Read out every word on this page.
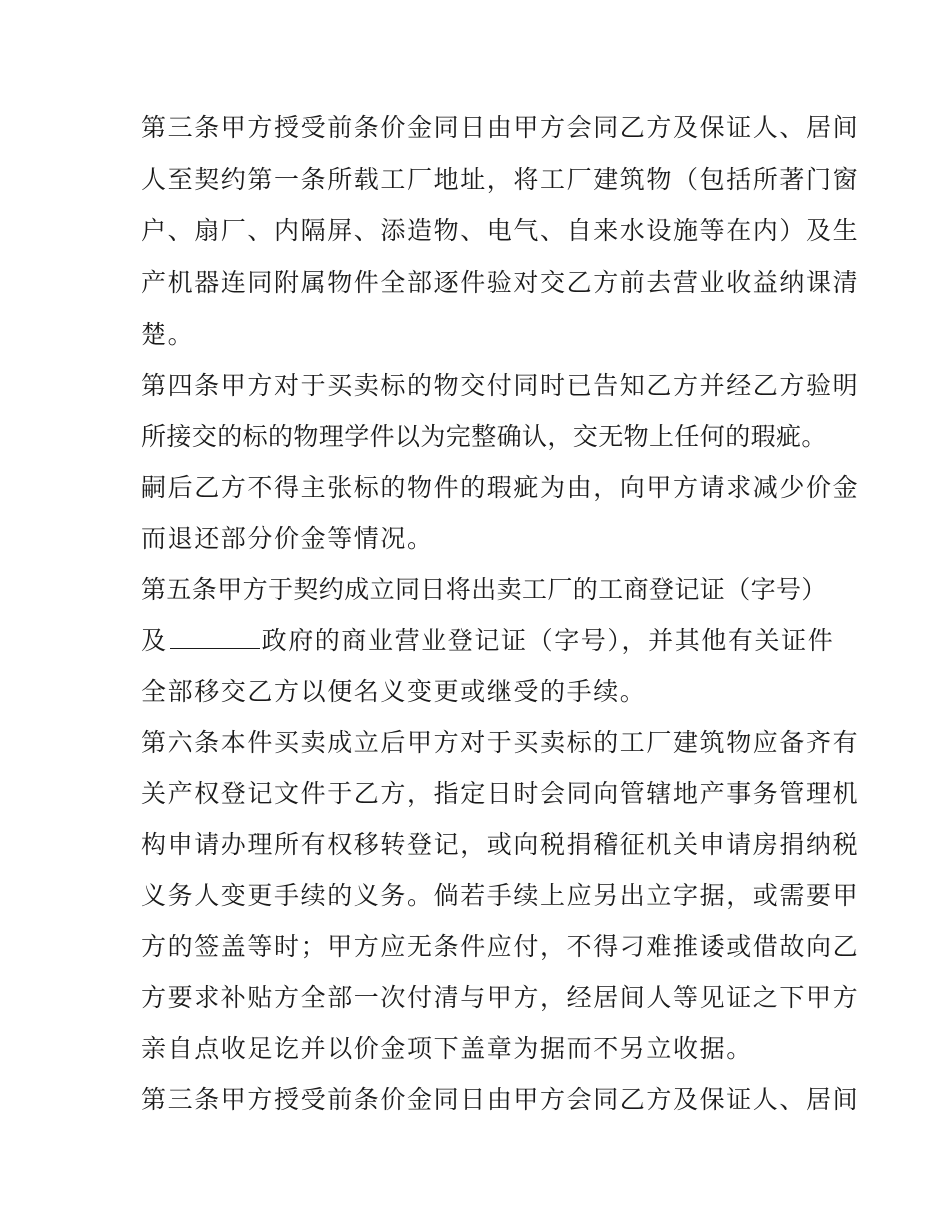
第三条甲方授受前条价金同日由甲方会同乙方及保证人、居间
人至契约第一条所载工厂地址，将工厂建筑物（包括所著门窗
户、扇厂、内隔屏、添造物、电气、自来水设施等在内）及生
产机器连同附属物件全部逐件验对交乙方前去营业收益纳课清
楚。
第四条甲方对于买卖标的物交付同时已告知乙方并经乙方验明
所接交的标的物理学件以为完整确认，交无物上任何的瑕疵。
嗣后乙方不得主张标的物件的瑕疵为由，向甲方请求减少价金
而退还部分价金等情况。
第五条甲方于契约成立同日将出卖工厂的工商登记证（字号）
及	政府的商业营业登记证（字号），并其他有关证件
全部移交乙方以便名义变更或继受的手续。
第六条本件买卖成立后甲方对于买卖标的工厂建筑物应备齐有
关产权登记文件于乙方，指定日时会同向管辖地产事务管理机
构申请办理所有权移转登记，或向税捐稽征机关申请房捐纳税
义务人变更手续的义务。倘若手续上应另出立字据，或需要甲
方的签盖等时；甲方应无条件应付，不得刁难推诿或借故向乙
方要求补贴方全部一次付清与甲方，经居间人等见证之下甲方
亲自点收足讫并以价金项下盖章为据而不另立收据。
第三条甲方授受前条价金同日由甲方会同乙方及保证人、居间
